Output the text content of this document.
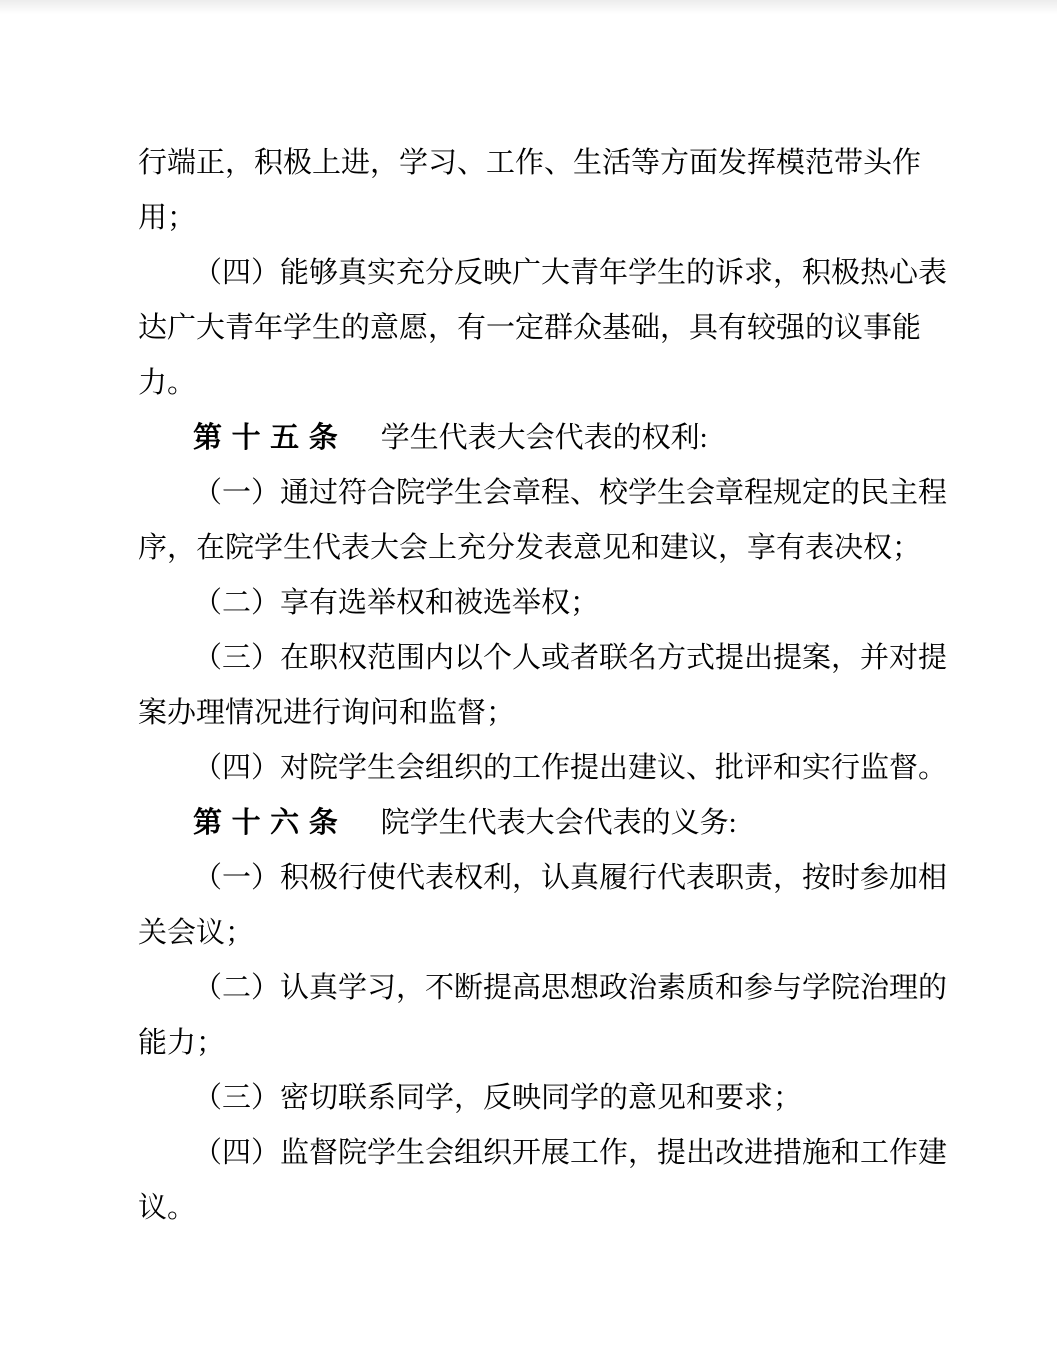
行端正，积极上进，学习、工作、生活等方面发挥模范带头作
用；
（四）能够真实充分反映广大青年学生的诉求，积极热心表
达广大青年学生的意愿，有一定群众基础，具有较强的议事能
力。
第十五条 学生代表大会代表的权利:
（一）通过符合院学生会章程、校学生会章程规定的民主程
序，在院学生代表大会上充分发表意见和建议，享有表决权；
（二）享有选举权和被选举权；
（三）在职权范围内以个人或者联名方式提出提案，并对提
案办理情况进行询问和监督；
（四）对院学生会组织的工作提出建议、批评和实行监督。
第十六条 院学生代表大会代表的义务:
（一）积极行使代表权利，认真履行代表职责，按时参加相
关会议；
（二）认真学习，不断提高思想政治素质和参与学院治理的
能力；
（三）密切联系同学，反映同学的意见和要求；
（四）监督院学生会组织开展工作，提出改进措施和工作建
议。
